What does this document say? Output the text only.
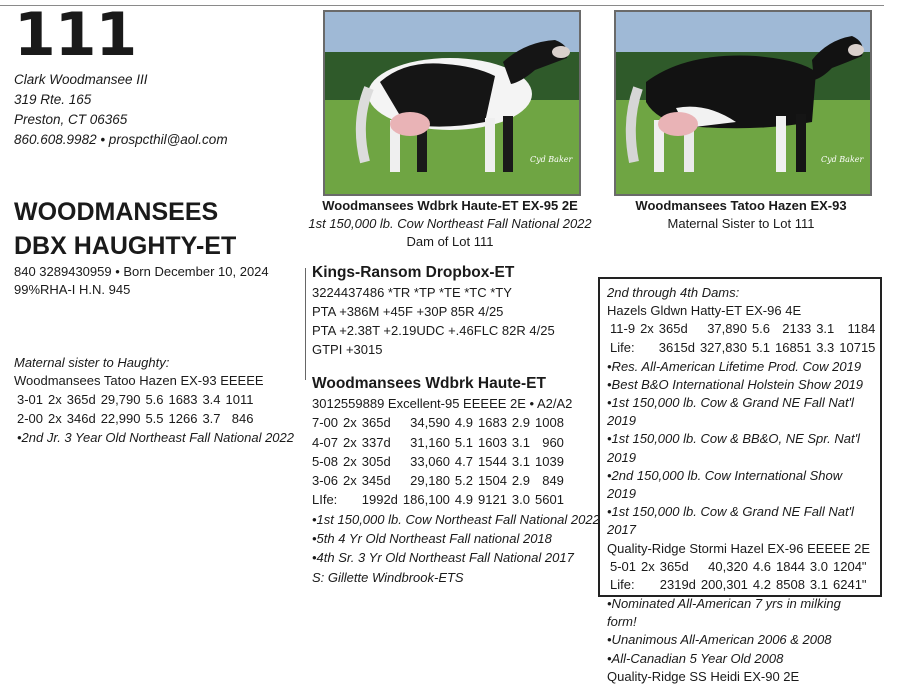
111
Clark Woodmansee III
319 Rte. 165
Preston, CT 06365
860.608.9982 • prospcthil@aol.com
WOODMANSEES
DBX HAUGHTY-ET
840 3289430959 • Born December 10, 2024
99%RHA-I H.N. 945
Maternal sister to Haughty:
Woodmansees Tatoo Hazen EX-93 EEEEE
3-01	2x	365d	29,790	5.6	1683	3.4	1011
2-00	2x	346d	22,990	5.5	1266	3.7	846
•2nd Jr. 3 Year Old Northeast Fall National 2022
Cyd Baker
Woodmansees Wdbrk Haute-ET EX-95 2E
1st 150,000 lb. Cow Northeast Fall National 2022
Dam of Lot 111
Cyd Baker
Woodmansees Tatoo Hazen EX-93
Maternal Sister to Lot 111
Kings-Ransom Dropbox-ET
3224437486 *TR *TP *TE *TC *TY
PTA +386M +45F +30P 85R 4/25
PTA +2.38T +2.19UDC +.46FLC 82R 4/25
GTPI +3015
Woodmansees Wdbrk Haute-ET
3012559889 Excellent-95 EEEEE 2E • A2/A2
7-00	2x	365d	34,590	4.9	1683	2.9	1008
4-07	2x	337d	31,160	5.1	1603	3.1	960
5-08	2x	305d	33,060	4.7	1544	3.1	1039
3-06	2x	345d	29,180	5.2	1504	2.9	849
LIfe:		1992d	186,100	4.9	9121	3.0	5601
•1st 150,000 lb. Cow Northeast Fall National 2022
•5th 4 Yr Old Northeast Fall national 2018
•4th Sr. 3 Yr Old Northeast Fall National 2017
S: Gillette Windbrook-ETS
2nd through 4th Dams:
Hazels Gldwn Hatty-ET EX-96 4E
11-9	2x	365d	37,890	5.6	2133	3.1	1184
Life:		3615d	327,830	5.1	16851	3.3	10715
•Res. All-American Lifetime Prod. Cow 2019
•Best B&O International Holstein Show 2019
•1st 150,000 lb. Cow & Grand NE Fall Nat'l 2019
•1st 150,000 lb. Cow & BB&O, NE Spr. Nat'l 2019
•2nd 150,000 lb. Cow International Show 2019
•1st 150,000 lb. Cow & Grand NE Fall Nat'l 2017
Quality-Ridge Stormi Hazel EX-96 EEEEE 2E
5-01	2x	365d	40,320	4.6	1844	3.0	1204"
Life:		2319d	200,301	4.2	8508	3.1	6241"
•Nominated All-American 7 yrs in milking form!
•Unanimous All-American 2006 & 2008
•All-Canadian 5 Year Old 2008
Quality-Ridge SS Heidi EX-90 2E
